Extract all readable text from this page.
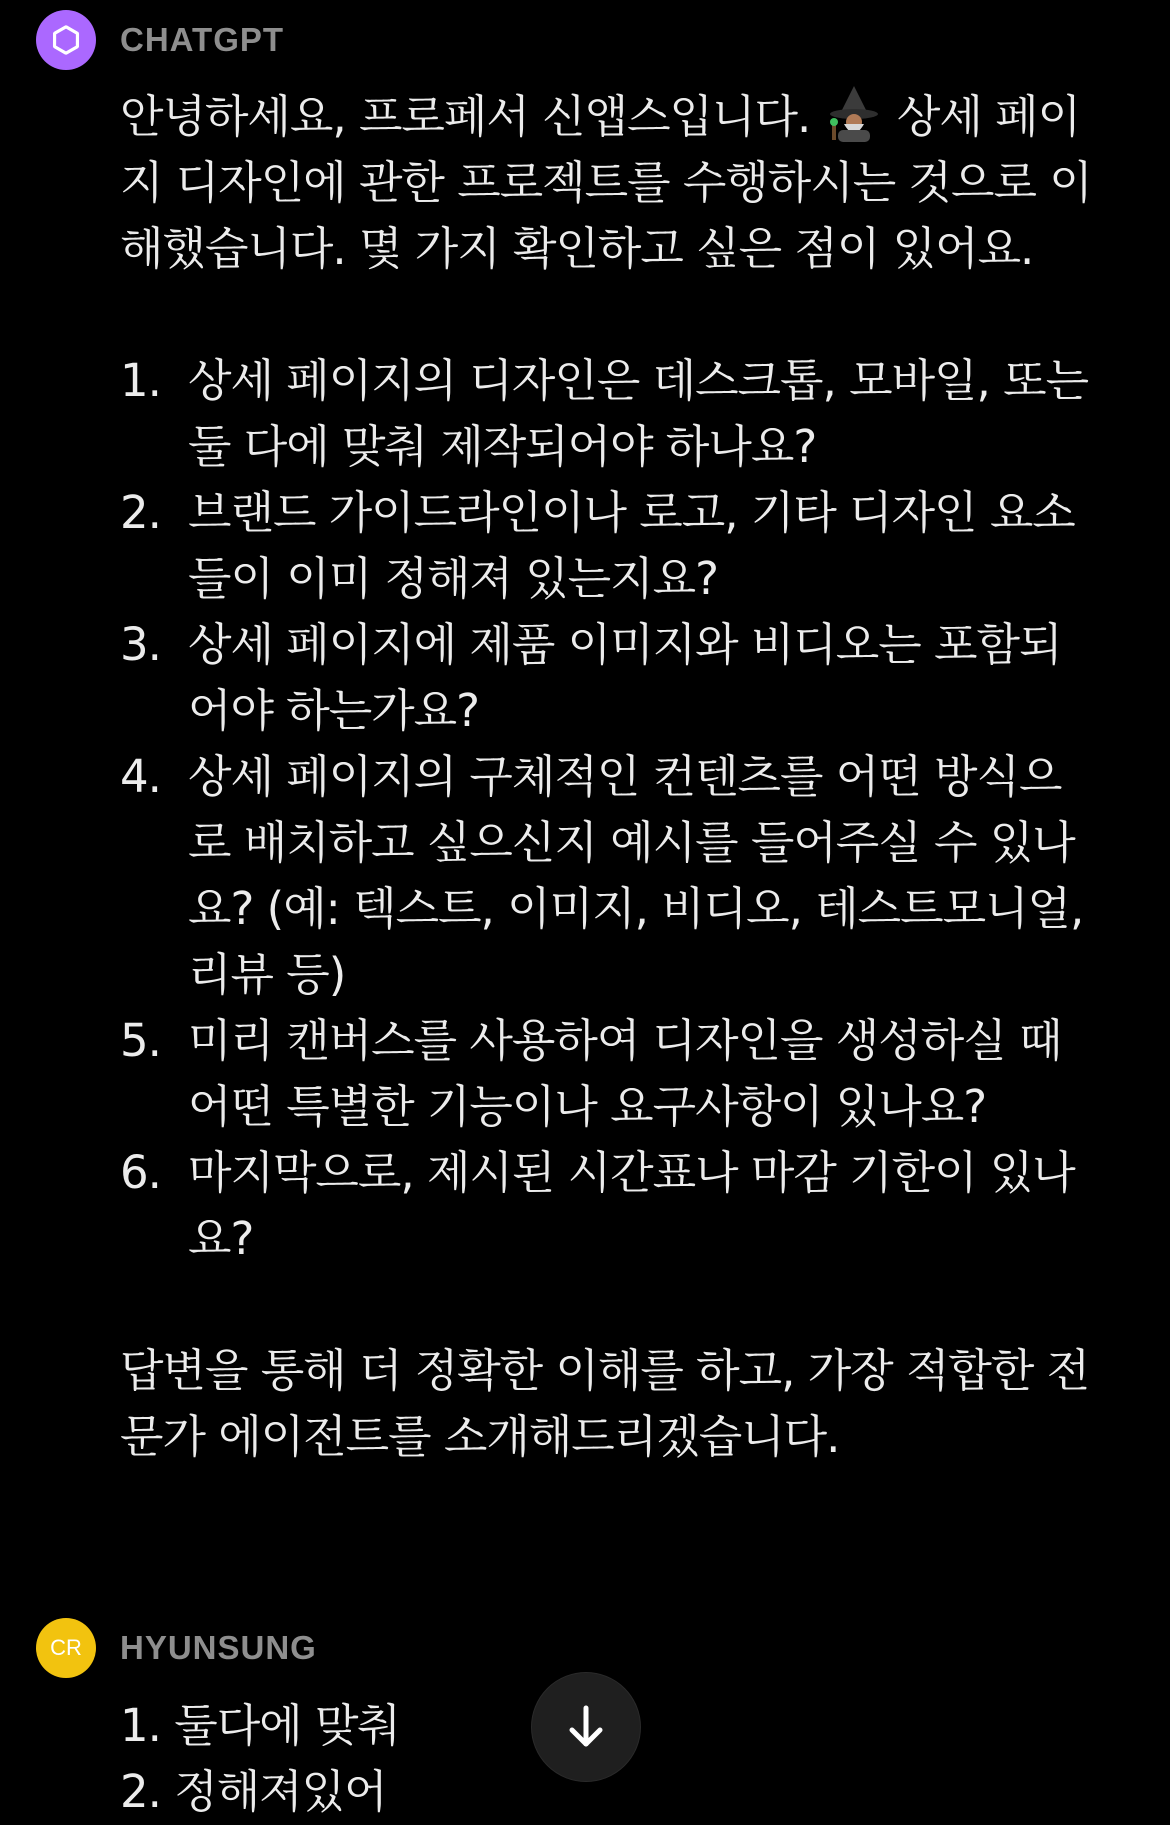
CHATGPT

안녕하세요, 프로페서 신앱스입니다. 상세 페이지 디자인에 관한 프로젝트를 수행하시는 것으로 이해했습니다. 몇 가지 확인하고 싶은 점이 있어요.

1. 상세 페이지의 디자인은 데스크톱, 모바일, 또는 둘 다에 맞춰 제작되어야 하나요?
2. 브랜드 가이드라인이나 로고, 기타 디자인 요소들이 이미 정해져 있는지요?
3. 상세 페이지에 제품 이미지와 비디오는 포함되어야 하는가요?
4. 상세 페이지의 구체적인 컨텐츠를 어떤 방식으로 배치하고 싶으신지 예시를 들어주실 수 있나요? (예: 텍스트, 이미지, 비디오, 테스트모니얼, 리뷰 등)
5. 미리 캔버스를 사용하여 디자인을 생성하실 때 어떤 특별한 기능이나 요구사항이 있나요?
6. 마지막으로, 제시된 시간표나 마감 기한이 있나요?

답변을 통해 더 정확한 이해를 하고, 가장 적합한 전문가 에이전트를 소개해드리겠습니다.

CR	HYUNSUNG

1. 둘다에 맞춰

2. 정해져있어
